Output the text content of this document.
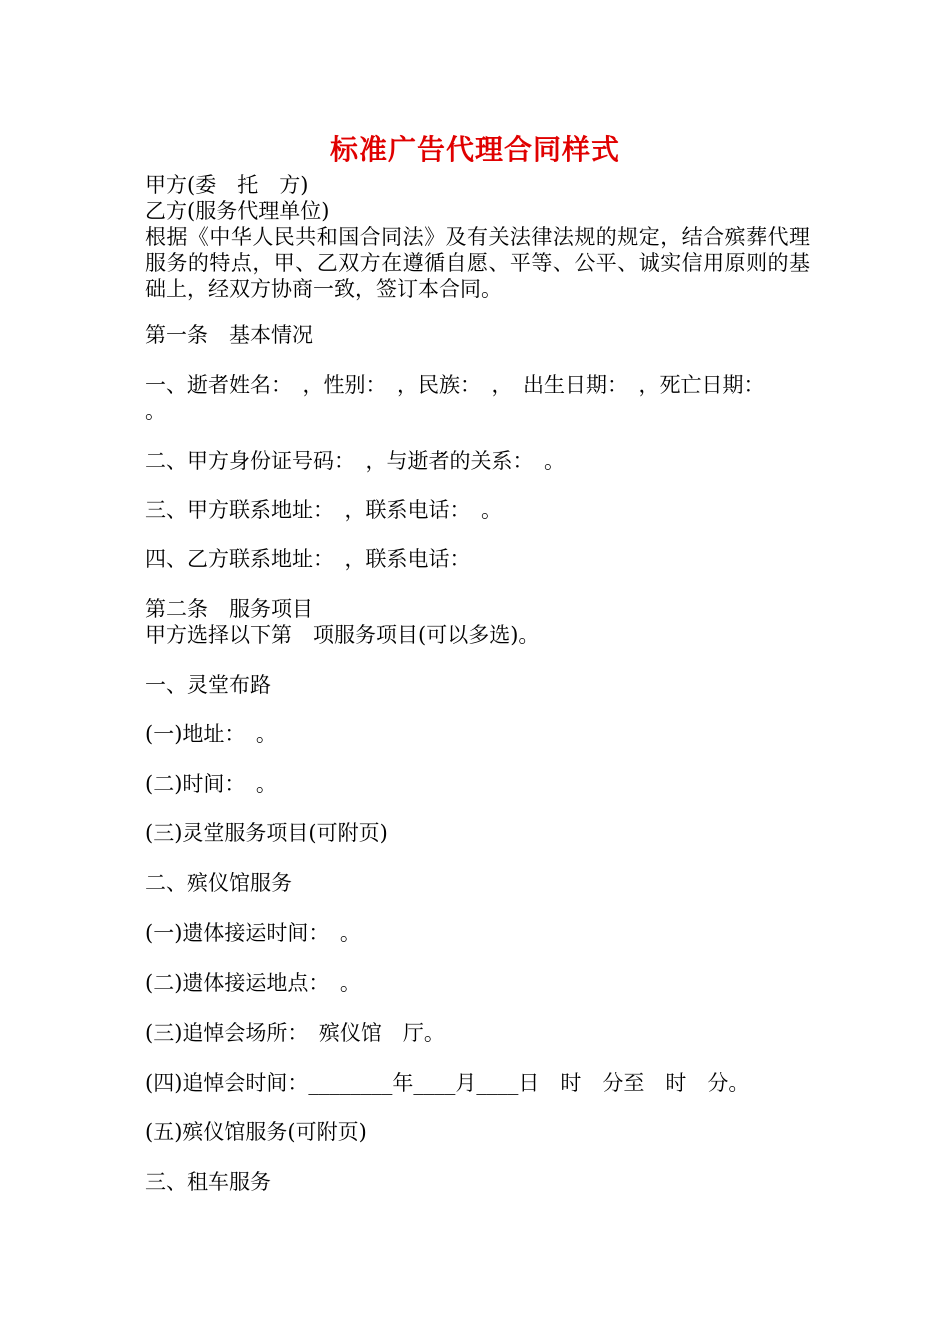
标准广告代理合同样式
甲方(委　托　方)
乙方(服务代理单位)
根据《中华人民共和国合同法》及有关法律法规的规定，结合殡葬代理服务的特点，甲、乙双方在遵循自愿、平等、公平、诚实信用原则的基础上，经双方协商一致，签订本合同。
第一条　基本情况
一、逝者姓名：　，性别：　，民族：　，　出生日期：　，死亡日期：
。
二、甲方身份证号码：　，与逝者的关系：　。
三、甲方联系地址：　，联系电话：　。
四、乙方联系地址：　，联系电话：
第二条　服务项目
甲方选择以下第　项服务项目(可以多选)。
一、灵堂布路
(一)地址：　。
(二)时间：　。
(三)灵堂服务项目(可附页)
二、殡仪馆服务
(一)遗体接运时间：　。
(二)遗体接运地点：　。
(三)追悼会场所：　殡仪馆　厅。
(四)追悼会时间：________年____月____日　时　分至　时　分。
(五)殡仪馆服务(可附页)
三、租车服务
